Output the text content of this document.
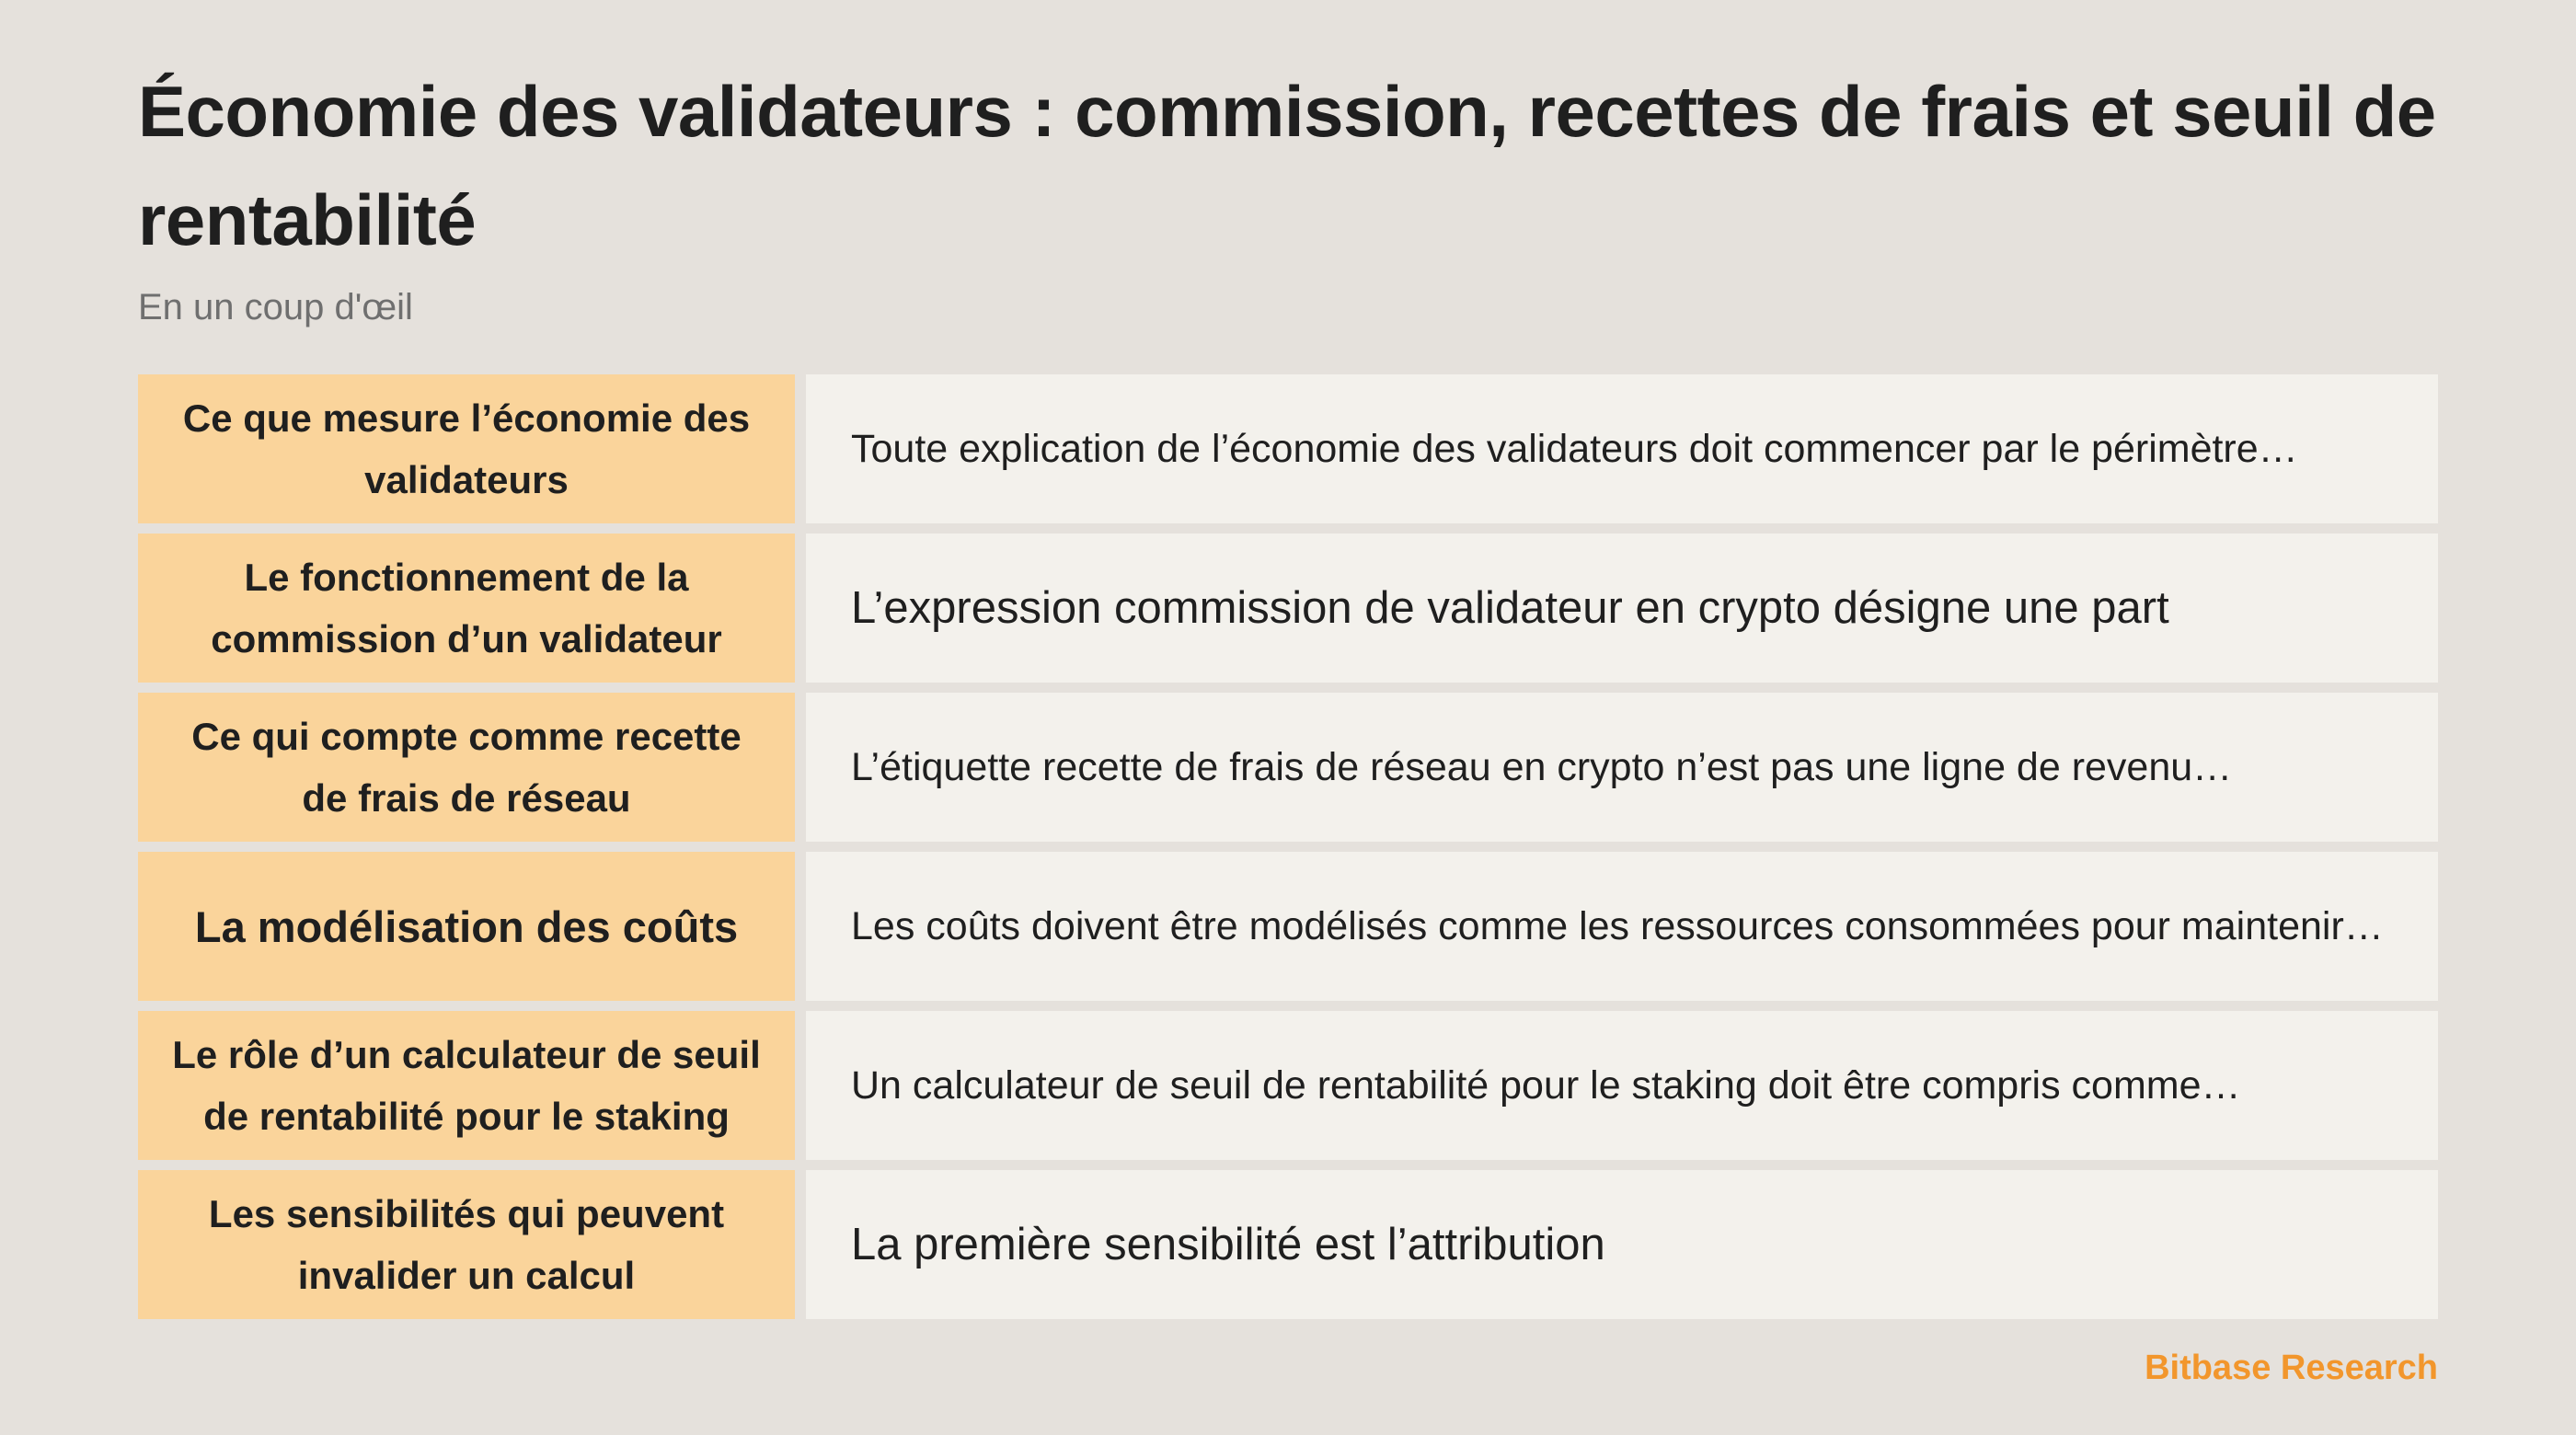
Économie des validateurs : commission, recettes de frais et seuil de rentabilité

En un coup d'œil

Ce que mesure l’économie des validateurs
Toute explication de l’économie des validateurs doit commencer par le périmètre…
Le fonctionnement de la commission d’un validateur
L’expression commission de validateur en crypto désigne une part
Ce qui compte comme recette de frais de réseau
L’étiquette recette de frais de réseau en crypto n’est pas une ligne de revenu…
La modélisation des coûts	Les coûts doivent être modélisés comme les ressources consommées pour maintenir…
Le rôle d’un calculateur de seuil de rentabilité pour le staking
Un calculateur de seuil de rentabilité pour le staking doit être compris comme…
Les sensibilités qui peuvent invalider un calcul
La première sensibilité est l’attribution
Bitbase Research
